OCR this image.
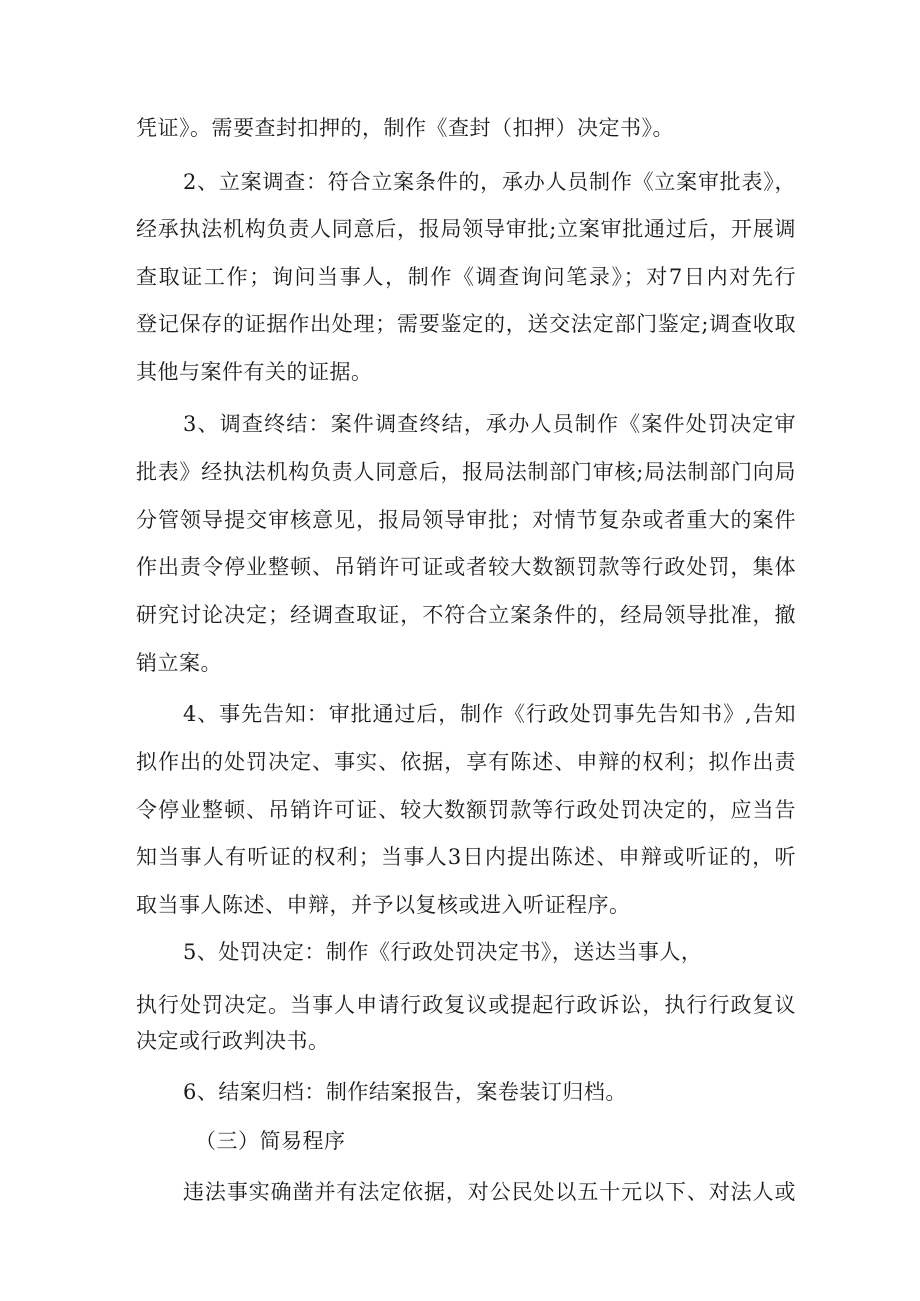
凭证》。需要查封扣押的，制作《查封（扣押）决定书》。
2、立案调查：符合立案条件的，承办人员制作《立案审批表》，
经承执法机构负责人同意后，报局领导审批;立案审批通过后，开展调
查取证工作；询问当事人，制作《调查询问笔录》；对7日内对先行
登记保存的证据作出处理；需要鉴定的，送交法定部门鉴定;调查收取
其他与案件有关的证据。
3、调查终结：案件调查终结，承办人员制作《案件处罚决定审
批表》经执法机构负责人同意后，报局法制部门审核;局法制部门向局
分管领导提交审核意见，报局领导审批；对情节复杂或者重大的案件
作出责令停业整顿、吊销许可证或者较大数额罚款等行政处罚，集体
研究讨论决定；经调查取证，不符合立案条件的，经局领导批准，撤
销立案。
4、事先告知：审批通过后，制作《行政处罚事先告知书》,告知
拟作出的处罚决定、事实、依据，享有陈述、申辩的权利；拟作出责
令停业整顿、吊销许可证、较大数额罚款等行政处罚决定的，应当告
知当事人有听证的权利；当事人3日内提出陈述、申辩或听证的，听
取当事人陈述、申辩，并予以复核或进入听证程序。
5、处罚决定：制作《行政处罚决定书》，送达当事人，
执行处罚决定。当事人申请行政复议或提起行政诉讼，执行行政复议
决定或行政判决书。
6、结案归档：制作结案报告，案卷装订归档。
（三）简易程序
违法事实确凿并有法定依据，对公民处以五十元以下、对法人或
